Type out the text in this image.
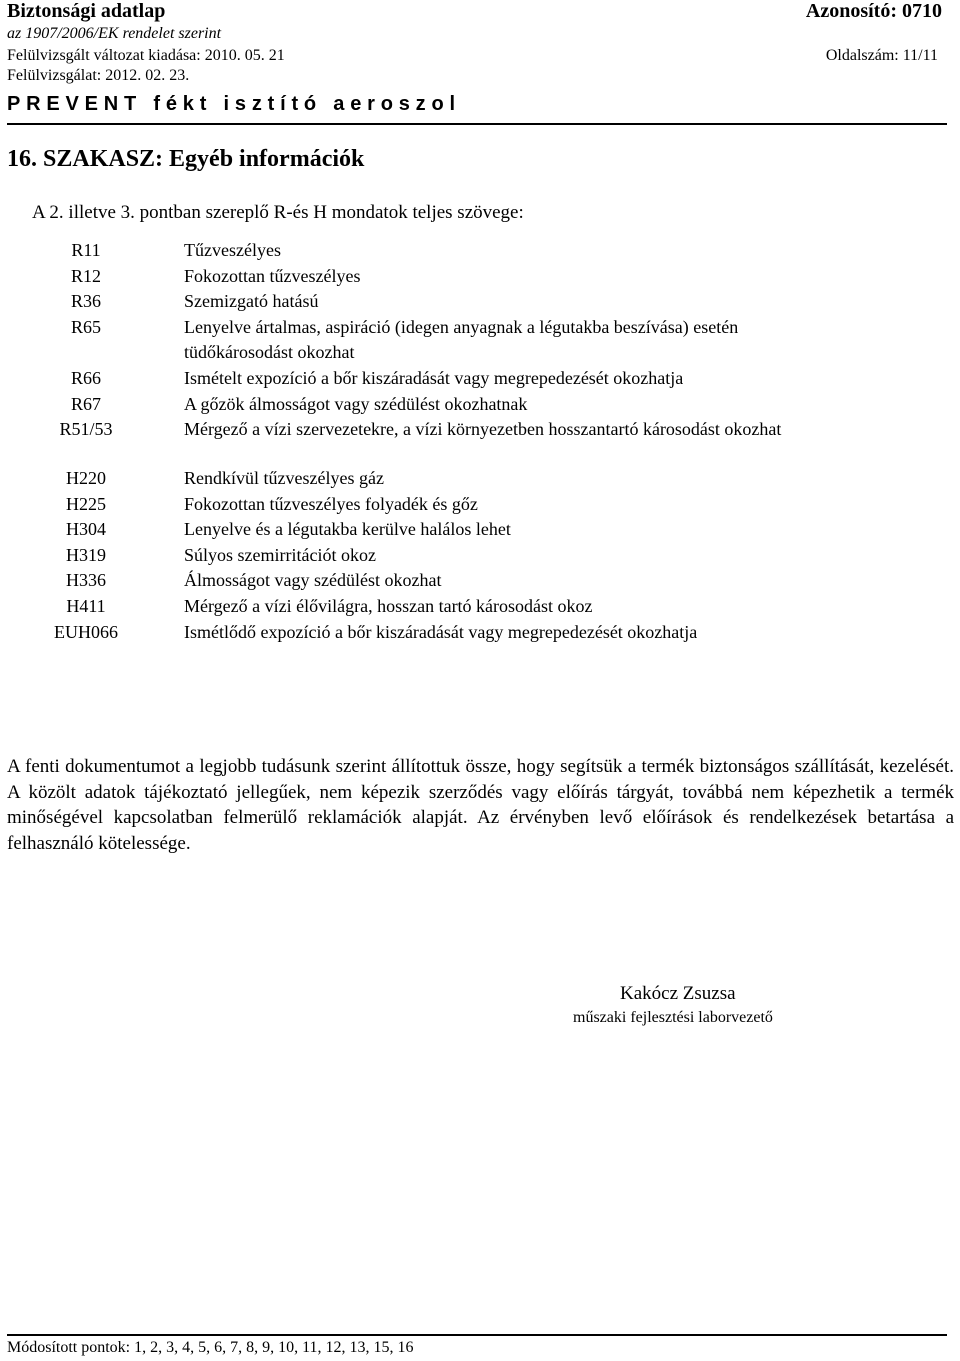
Biztonsági adatlap	Azonosító: 0710
az 1907/2006/EK rendelet szerint
Felülvizsgált változat kiadása: 2010. 05. 21	Oldalszám: 11/11
Felülvizsgálat: 2012. 02. 23.
PREVENT fékt isztító aeroszol
16. SZAKASZ: Egyéb információk
A 2. illetve 3. pontban szereplő R-és H mondatok teljes szövege:
R11
R12
R36
R65
R66
R67
R51/53
Tűzveszélyes
Fokozottan tűzveszélyes
Szemizgató hatású
Lenyelve ártalmas, aspiráció (idegen anyagnak a légutakba beszívása) esetén
tüdőkárosodást okozhat
Ismételt expozíció a bőr kiszáradását vagy megrepedezését okozhatja
A gőzök álmosságot vagy szédülést okozhatnak
Mérgező a vízi szervezetekre, a vízi környezetben hosszantartó károsodást okozhat
H220
H225
H304
H319
H336
H411
EUH066
Rendkívül tűzveszélyes gáz
Fokozottan tűzveszélyes folyadék és gőz
Lenyelve és a légutakba kerülve halálos lehet
Súlyos szemirritációt okoz
Álmosságot vagy szédülést okozhat
Mérgező a vízi élővilágra, hosszan tartó károsodást okoz
Ismétlődő expozíció a bőr kiszáradását vagy megrepedezését okozhatja
A fenti dokumentumot a legjobb tudásunk szerint állítottuk össze, hogy segítsük a termék biztonságos szállítását, kezelését. A közölt adatok tájékoztató jellegűek, nem képezik szerződés vagy előírás tárgyát, továbbá nem képezhetik a termék minőségével kapcsolatban felmerülő reklamációk alapját. Az érvényben levő előírások és rendelkezések betartása a felhasználó kötelessége.
Kakócz Zsuzsa
műszaki fejlesztési laborvezető
Módosított pontok: 1, 2, 3, 4, 5, 6, 7, 8, 9, 10, 11, 12, 13, 15, 16
